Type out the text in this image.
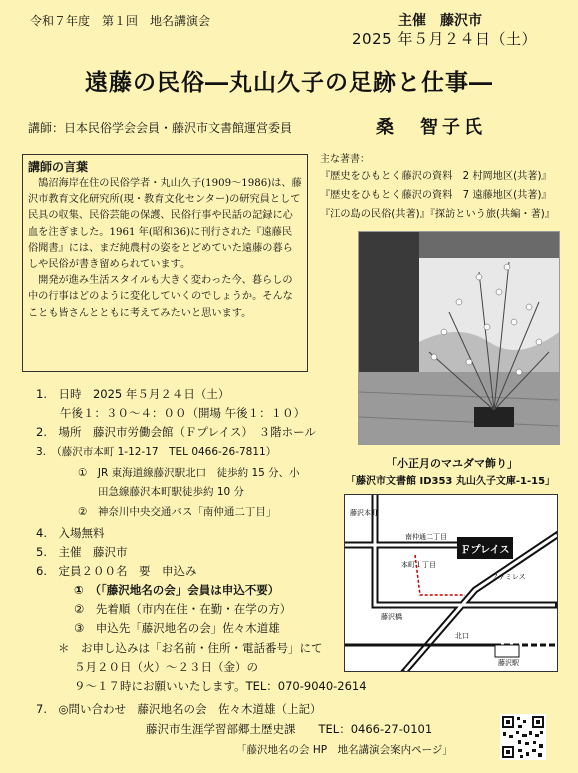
令和７年度　第１回　地名講演会	主催　藤沢市
2025 年５月２４日（土）
遠藤の民俗―丸山久子の足跡と仕事―
講師：日本民俗学会会員・藤沢市文書館運営委員	桑　智子氏
講師の言葉

　鵠沼海岸在住の民俗学者・丸山久子(1909～1986)は、藤沢市教育文化研究所(現・教育文化センター)の研究員として民具の収集、民俗芸能の保護、民俗行事や民話の記録に心血を注ぎました。1961 年(昭和36)に刊行された『遠藤民俗聞書』には、まだ純農村の姿をとどめていた遠藤の暮らしや民俗が書き留められています。

　開発が進み生活スタイルも大きく変わった今、暮らしの中の行事はどのように変化していくのでしょうか。そんなことも皆さんとともに考えてみたいと思います。

主な著書：
『歴史をひもとく藤沢の資料　2 村岡地区(共著)』
『歴史をひもとく藤沢の資料　7 遠藤地区(共著)』
『江の島の民俗(共著)』『探訪という旅(共編・著)』
「小正月のマユダマ飾り」
「藤沢市文書館 ID353 丸山久子文庫-1-15」
1.　日時　2025 年５月２４日（土）
午後１：３０～４：００（開場 午後１：１０）
2.　場所　藤沢市労働会館（Ｆプレイス）　３階ホール
3.　（藤沢市本町 1-12-17　TEL 0466-26-7811）
①　JR 東海道線藤沢駅北口　徒歩約 15 分、小
田急線藤沢本町駅徒歩約 10 分
②　神奈川中央交通バス「南仲通二丁目」
4.　入場無料
5.　主催　藤沢市
6.　定員２００名　要　申込み
①　（「藤沢地名の会」会員は申込不要）
②　先着順（市内在住・在勤・在学の方）
③　申込先「藤沢地名の会」佐々木道雄
＊　お申し込みは「お名前・住所・電話番号」にて
５月２０日（火）～２３日（金）の
９～１７時にお願いいたします。TEL：070-9040-2614
7.　◎問い合わせ　藤沢地名の会　佐々木道雄（上記）
藤沢市生涯学習部郷土歴史課　　TEL：0466-27-0101
「藤沢地名の会 HP　地名講演会案内ページ」
Ｆプレイス
藤沢本町
ファミレス
藤沢橋
藤沢駅
北口
南仲通二丁目
本町１丁目
